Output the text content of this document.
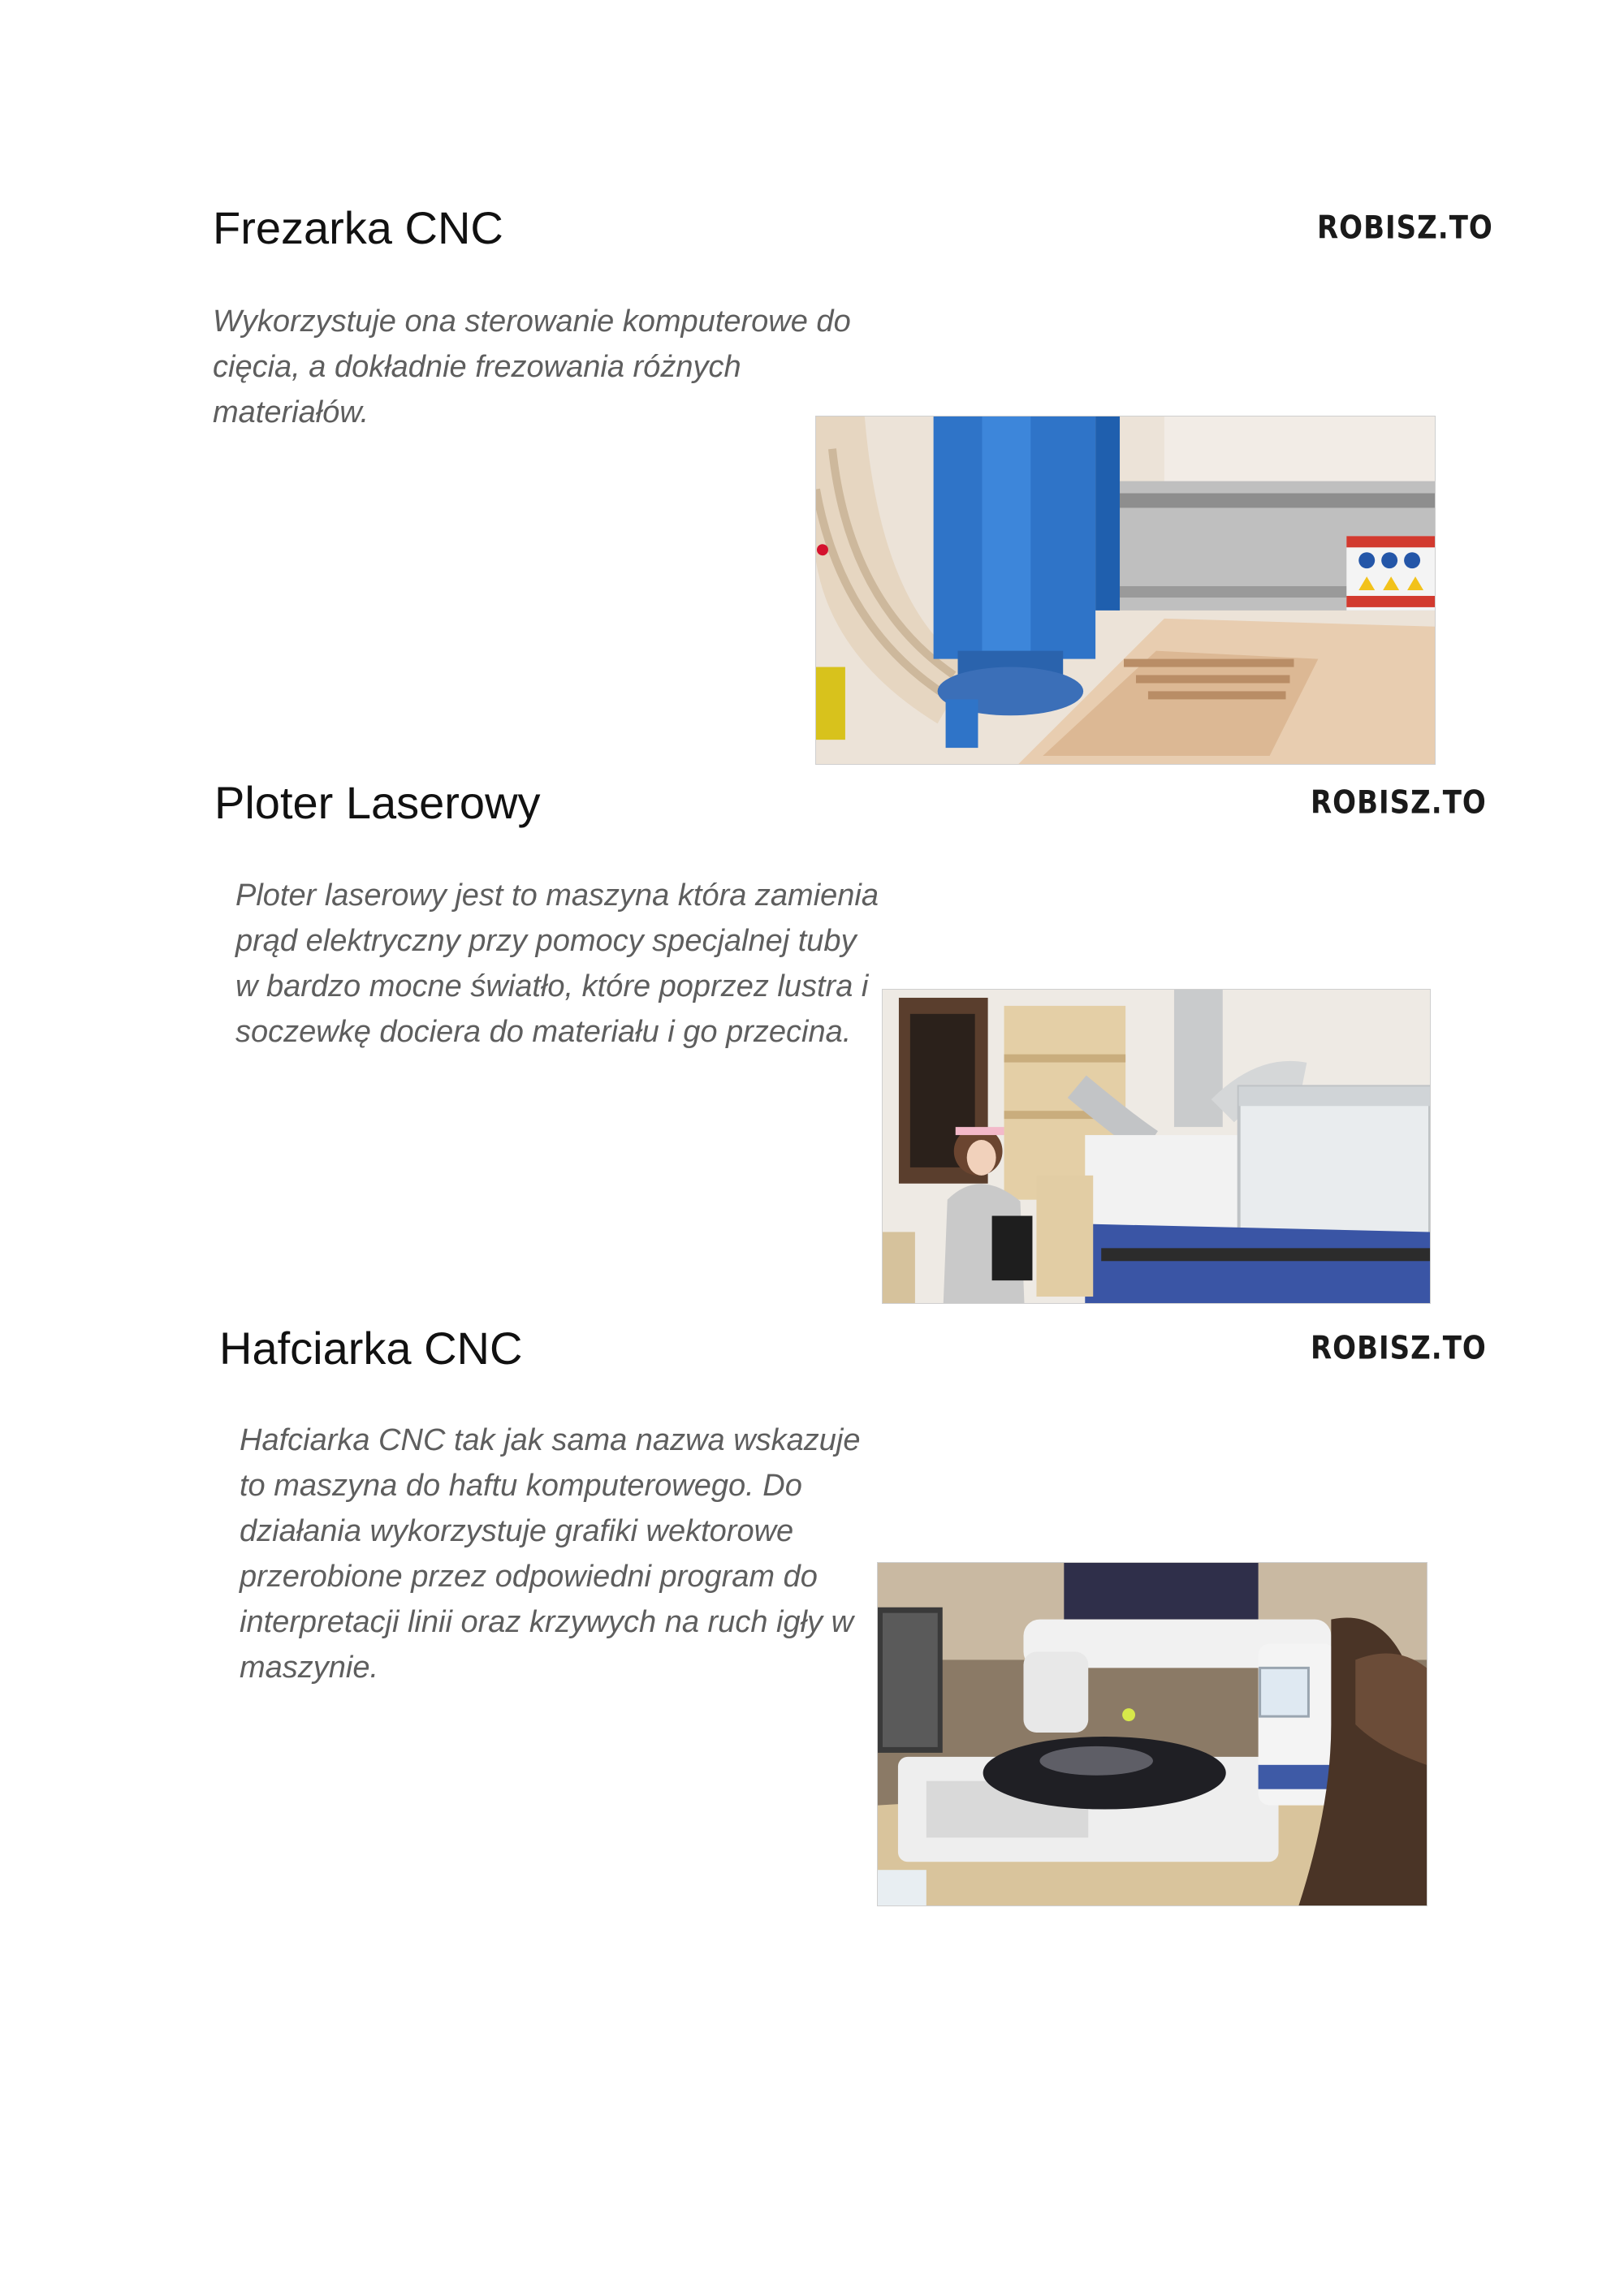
Frezarka CNC	ROBISZ.TO

Wykorzystuje ona sterowanie komputerowe do cięcia, a dokładnie frezowania różnych materiałów.

Ploter Laserowy	ROBISZ.TO

Ploter laserowy jest to maszyna która zamienia prąd elektryczny przy pomocy specjalnej tuby w bardzo mocne światło, które poprzez lustra i soczewkę dociera do materiału i go przecina.

Hafciarka CNC	ROBISZ.TO

Hafciarka CNC tak jak sama nazwa wskazuje to maszyna do haftu komputerowego. Do działania wykorzystuje grafiki wektorowe przerobione przez odpowiedni program do interpretacji linii oraz krzywych na ruch igły w maszynie.
